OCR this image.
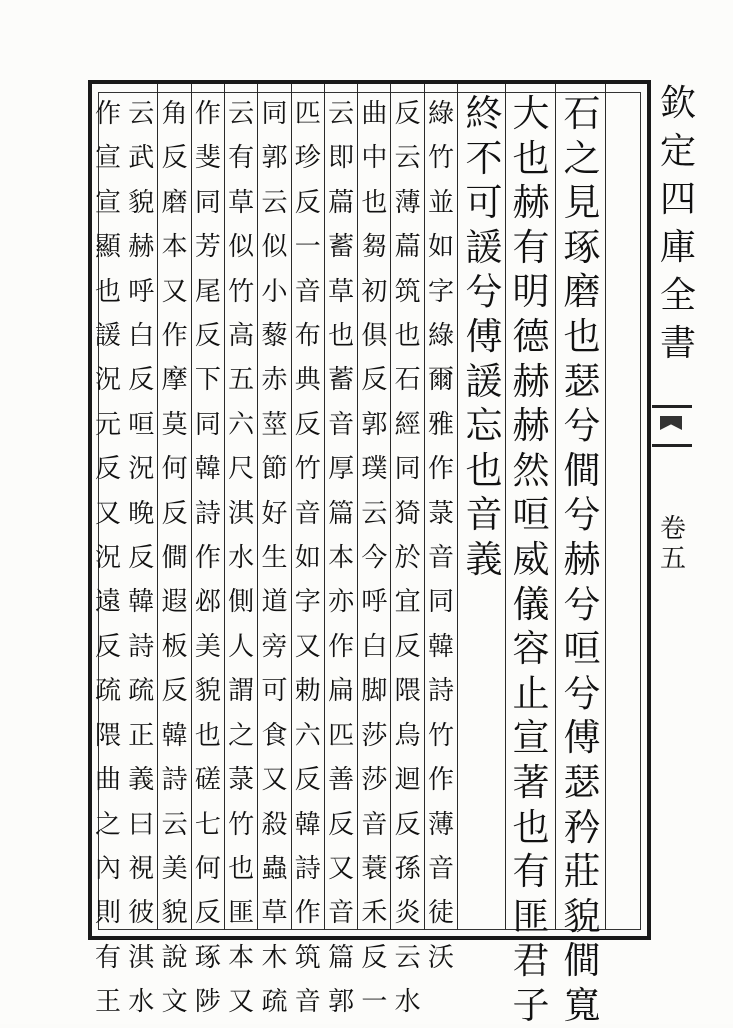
石
之
見
琢
磨
也
瑟
兮
僴
兮
赫
兮
咺
兮
傅
瑟
矜
莊
貌
僴
寬
大
也
赫
有
明
德
赫
赫
然
咺
威
儀
容
止
宣
著
也
有
匪
君
子
終
不
可
諼
兮
傅
諼
忘
也
音
義
綠
竹
並
如
字
綠
爾
雅
作
菉
音
同
韓
詩
竹
作
薄
音
徒
沃
反
云
薄
萹
筑
也
石
經
同
猗
於
宜
反
隈
烏
迴
反
孫
炎
云
水
曲
中
也
芻
初
俱
反
郭
璞
云
今
呼
白
脚
莎
莎
音
蓑
禾
反
一
云
即
萹
蓄
草
也
蓄
音
厚
篇
本
亦
作
扁
匹
善
反
又
音
篇
郭
匹
珍
反
一
音
布
典
反
竹
音
如
字
又
勅
六
反
韓
詩
作
筑
音
同
郭
云
似
小
藜
赤
莖
節
好
生
道
旁
可
食
又
殺
蟲
草
木
疏
云
有
草
似
竹
高
五
六
尺
淇
水
側
人
謂
之
菉
竹
也
匪
本
又
作
斐
同
芳
尾
反
下
同
韓
詩
作
邲
美
貌
也
磋
七
何
反
琢
陟
角
反
磨
本
又
作
摩
莫
何
反
僴
遐
板
反
韓
詩
云
美
貌
說
文
云
武
貌
赫
呼
白
反
咺
況
晚
反
韓
詩
疏
正
義
曰
視
彼
淇
水
作
宣
宣
顯
也
諼
況
元
反
又
況
遠
反
疏
隈
曲
之
內
則
有
王
欽
定
四
庫
全
書
卷
五
